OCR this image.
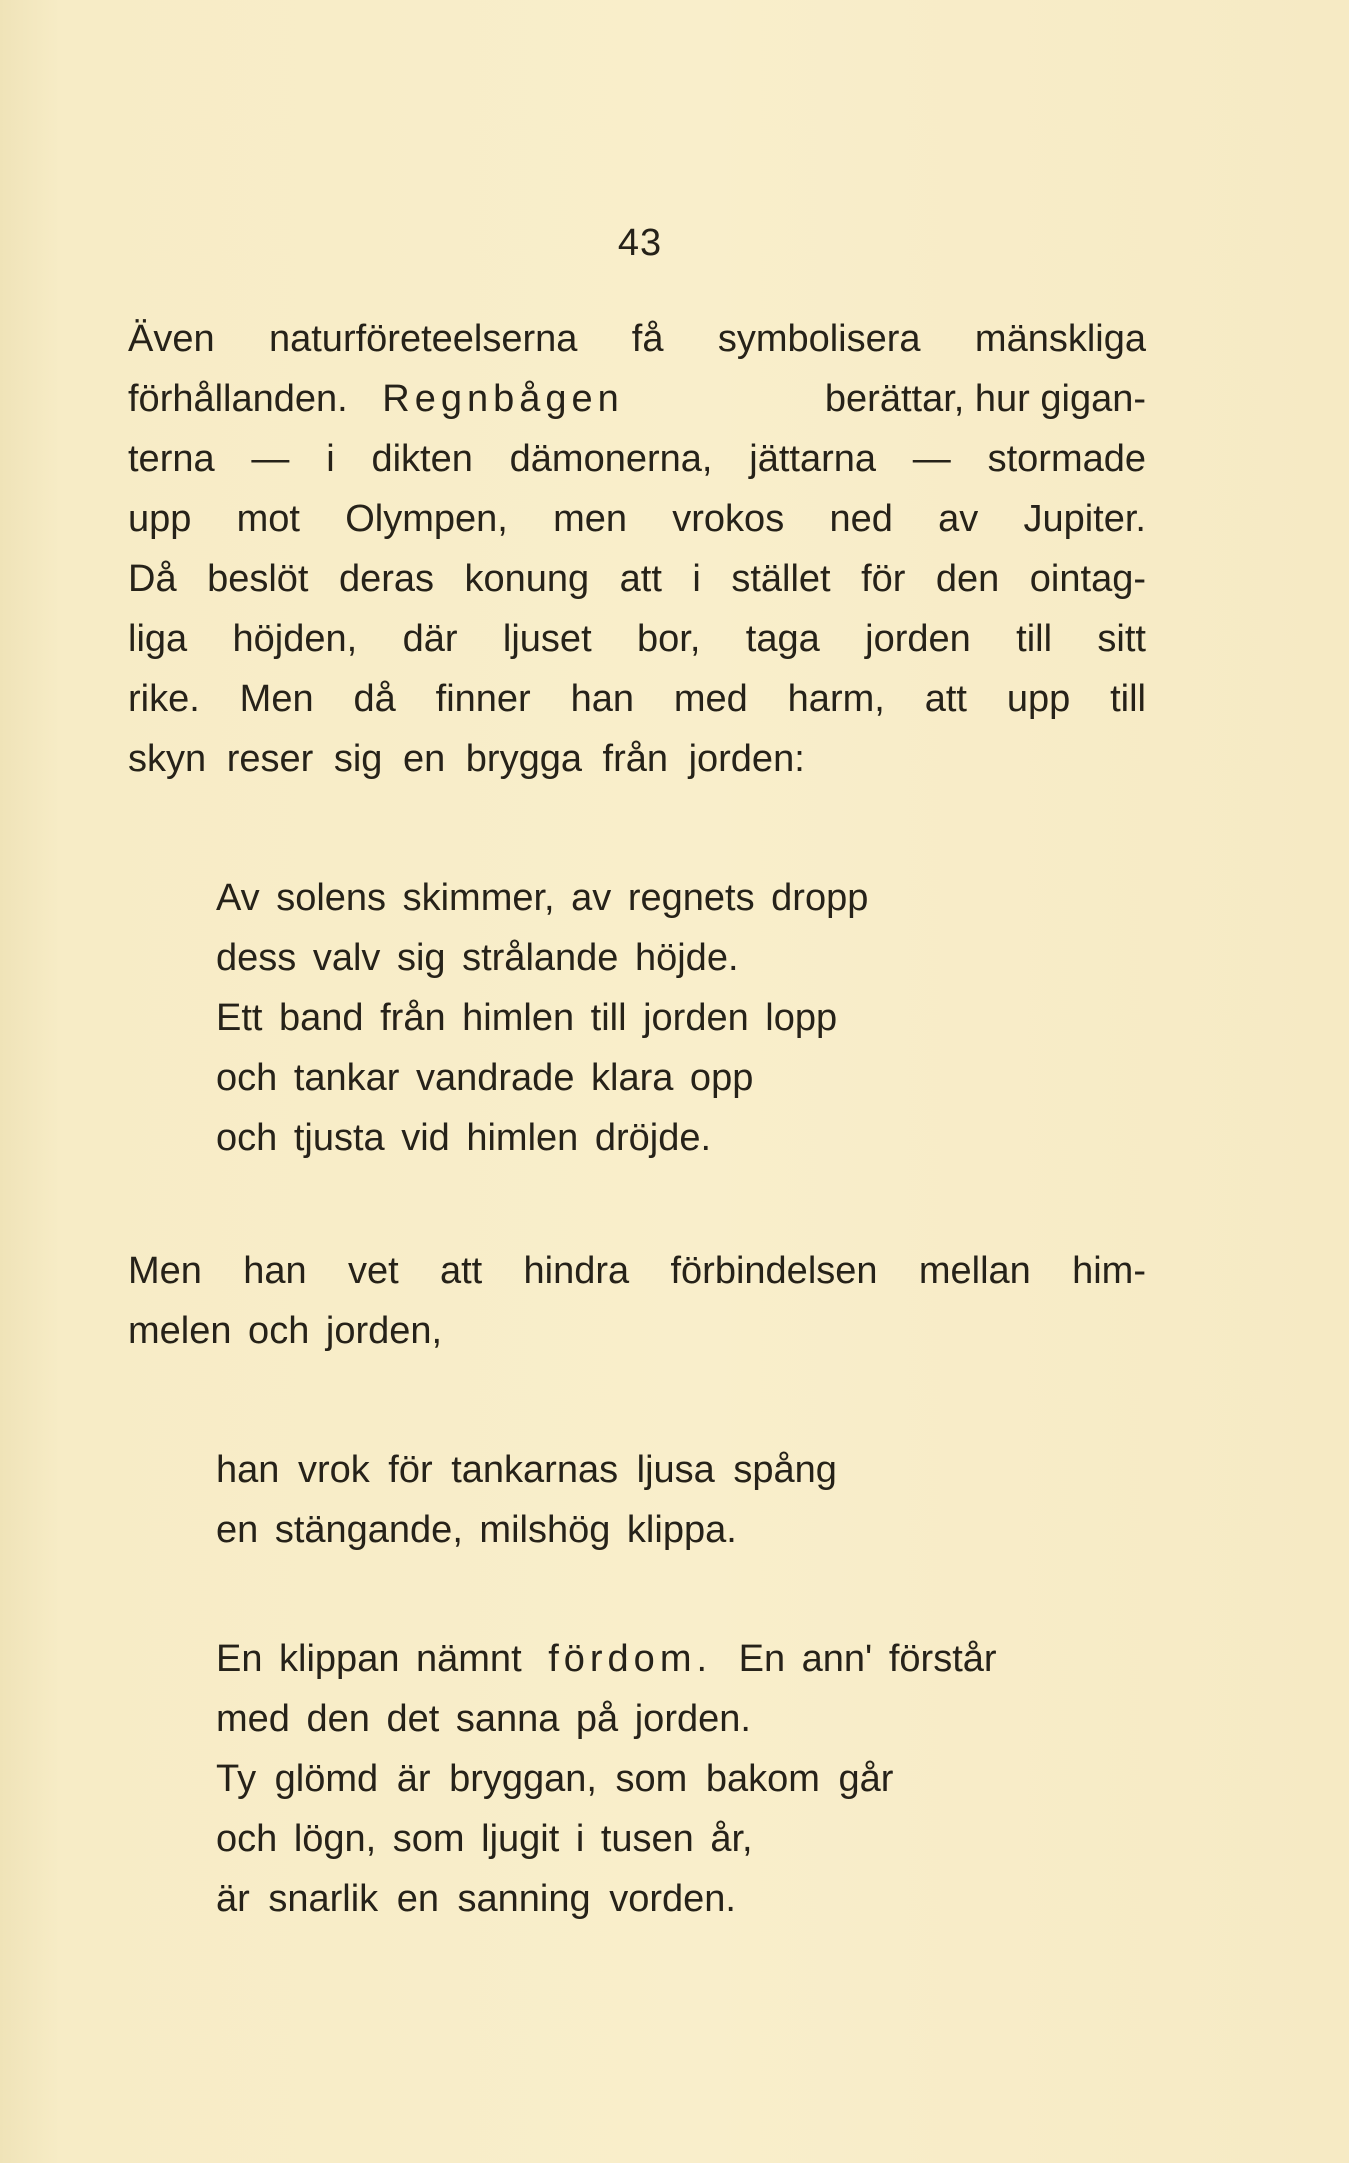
43
Även naturföreteelserna få symbolisera mänskliga
förhållanden. Regnbågen	berättar, hur gigan-
terna — i dikten dämonerna, jättarna — stormade
upp mot Olympen, men vrokos ned av Jupiter.
Då beslöt deras konung att i stället för den ointag-
liga höjden, där ljuset bor, taga jorden till sitt
rike. Men då finner han med harm, att upp till
skyn reser sig en brygga från jorden:
Av solens skimmer, av regnets dropp
dess valv sig strålande höjde.
Ett band från himlen till jorden lopp
och tankar vandrade klara opp
och tjusta vid himlen dröjde.
Men han vet att hindra förbindelsen mellan him-
melen och jorden,
han vrok för tankarnas ljusa spång
en stängande, milshög klippa.
En klippan nämnt fördom. En ann' förstår
med den det sanna på jorden.
Ty glömd är bryggan, som bakom går
och lögn, som ljugit i tusen år,
är snarlik en sanning vorden.
